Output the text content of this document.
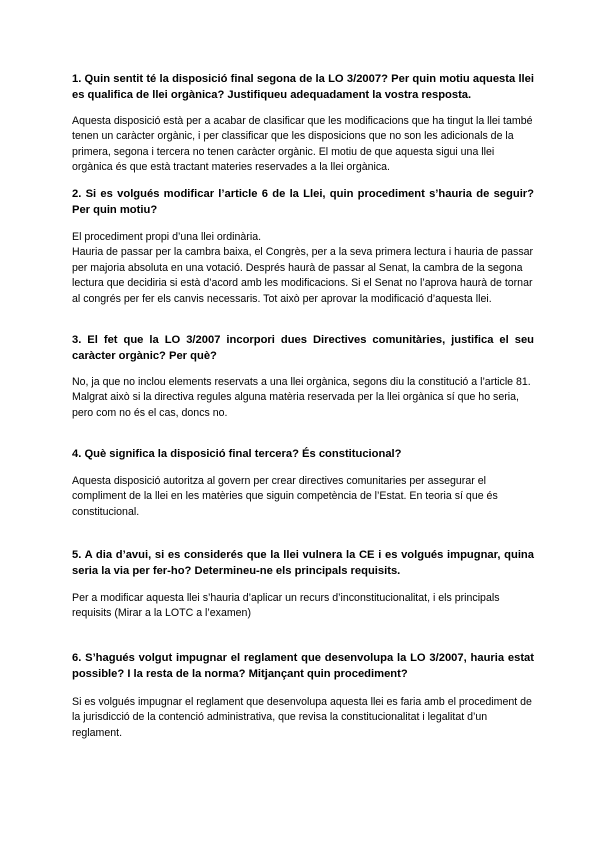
1. Quin sentit té la disposició final segona de la LO 3/2007? Per quin motiu aquesta llei es qualifica de llei orgànica? Justifiqueu adequadament la vostra resposta.

Aquesta disposició està per a acabar de clasificar que les modificacions que ha tingut la llei també tenen un caràcter orgànic, i per classificar que les disposicions que no son les adicionals de la primera, segona i tercera no tenen caràcter orgànic. El motiu de que aquesta sigui una llei orgànica és que està tractant materies reservades a la llei orgànica.

2. Si es volgués modificar l’article 6 de la Llei, quin procediment s’hauria de seguir? Per quin motiu?

El procediment propi d’una llei ordinària.

Hauria de passar per la cambra baixa, el Congrès, per a la seva primera lectura i hauria de passar per majoria absoluta en una votació. Després haurà de passar al Senat, la cambra de la segona lectura que decidiria si està d’acord amb les modificacions. Si el Senat no l’aprova haurà de tornar al congrés per fer els canvis necessaris. Tot això per aprovar la modificació d’aquesta llei.

3. El fet que la LO 3/2007 incorpori dues Directives comunitàries, justifica el seu caràcter orgànic? Per què?

No, ja que no inclou elements reservats a una llei orgànica, segons diu la constitució a l’article 81. Malgrat això si la directiva regules alguna matèria reservada per la llei orgànica sí que ho seria, pero com no és el cas, doncs no.

4. Què significa la disposició final tercera? És constitucional?

Aquesta disposició autoritza al govern per crear directives comunitaries per assegurar el compliment de la llei en les matèries que siguin competència de l’Estat. En teoria sí que és constitucional.

5. A dia d’avui, si es considerés que la llei vulnera la CE i es volgués impugnar, quina seria la via per fer-ho? Determineu-ne els principals requisits.

Per a modificar aquesta llei s’hauria d’aplicar un recurs d’inconstitucionalitat, i els principals requisits (Mirar a la LOTC a l’examen)

6. S’hagués volgut impugnar el reglament que desenvolupa la LO 3/2007, hauria estat possible? I la resta de la norma? Mitjançant quin procediment?

Si es volgués impugnar el reglament que desenvolupa aquesta llei es faria amb el procediment de la jurisdicció de la contenció administrativa, que revisa la constitucionalitat i legalitat d’un reglament.
